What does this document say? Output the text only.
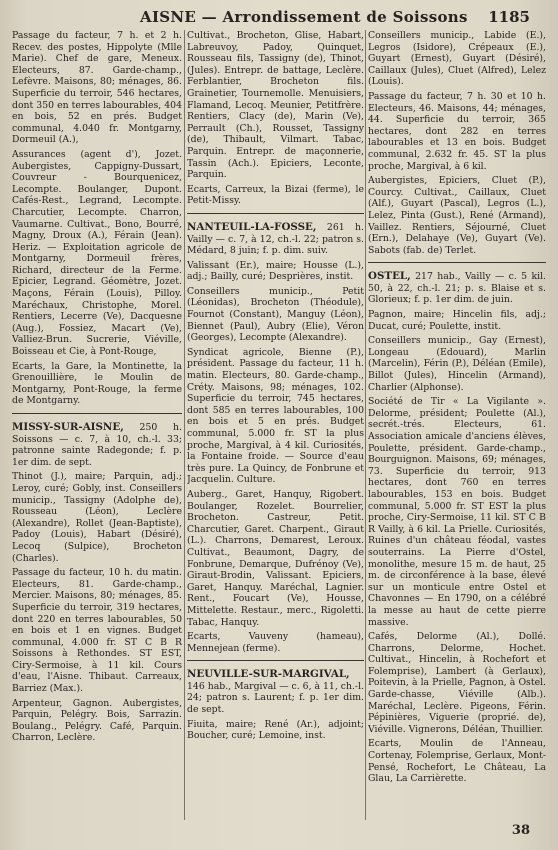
AISNE — Arrondissement de Soissons 1185

Passage du facteur, 7 h. et 2 h. Recev. des postes, Hippolyte (Mlle Marie). Chef de gare, Meneux. Electeurs, 87. Garde-champ., Lefèvre. Maisons, 80; ménages, 86. Superficie du terroir, 546 hectares, dont 350 en terres labourables, 404 en bois, 52 en prés. Budget communal, 4.040 fr. Montgarny, Dormeuil (A.),

Assurances (agent d'), Jozet. Aubergistes, Cappigny-Dussart, Couvreur - Bourquenicez, Lecompte. Boulanger, Dupont. Cafés-Rest., Legrand, Lecompte. Charcutier, Lecompte. Charron, Vaumarne. Cultivat., Bono, Bourré, Magny, Droux (A.), Férain (Jean). Heriz. — Exploitation agricole de Montgarny, Dormeuil frères, Richard, directeur de la Ferme. Epicier, Legrand. Géomètre, Jozet. Maçons, Férain (Louis), Pilloy. Maréchaux, Christophe, Morel. Rentiers, Lecerre (Ve), Dacquesne (Aug.), Fossiez, Macart (Ve), Valliez-Brun. Sucrerie, Viéville, Boisseau et Cie, à Pont-Rouge,

Ecarts, la Gare, la Montinette, la Grenouillière, le Moulin de Montgarny, Pont-Rouge, la ferme de Montgarny.

MISSY-SUR-AISNE, 250 h. Soissons — c. 7, à 10, ch.-l. 33; patronne sainte Radegonde; f. p. 1er dim. de sept.

Thinot (J.), maire; Parquin, adj.; Leroy, curé; Gobly, inst. Conseillers municip., Tassigny (Adolphe de), Rousseau (Léon), Leclère (Alexandre), Rollet (Jean-Baptiste), Padoy (Louis), Habart (Désiré), Lecoq (Sulpice), Brocheton (Charles).

Passage du facteur, 10 h. du matin. Electeurs, 81. Garde-champ., Mercier. Maisons, 80; ménages, 85. Superficie du terroir, 319 hectares, dont 220 en terres labourables, 50 en bois et 1 en vignes. Budget communal, 4.000 fr. ST C B R Soissons à Rethondes. ST EST, Ciry-Sermoise, à 11 kil. Cours d'eau, l'Aisne. Thibaut. Carreaux, Barriez (Max.).

Arpenteur, Gagnon. Aubergistes, Parquin, Pelégry. Bois, Sarrazin. Boulang., Pelégry. Café, Parquin. Charron, Leclère.

Cultivat., Brocheton, Glise, Habart, Labreuvoy, Padoy, Quinquet, Rousseau fils, Tassigny (de), Thinot, (Jules). Entrepr. de battage, Leclère. Ferblantier, Brocheton fils. Grainetier, Tournemolle. Menuisiers, Flamand, Lecoq. Meunier, Petitfrère. Rentiers, Clacy (de), Marin (Ve), Perrault (Ch.), Rousset, Tassigny (de), Thibault, Vilmart. Tabac, Parquin. Entrepr. de maçonnerie, Tassin (Ach.). Epiciers, Leconte, Parquin.

Ecarts, Carreux, la Bizai (ferme), le Petit-Missy.

NANTEUIL-LA-FOSSE, 261 h. Vailly — c. 7, à 12, ch.-l. 22; patron s. Médard, 8 juin; f. p. dim. suiv.

Valissant (Er.), maire; Housse (L.), adj.; Bailly, curé; Desprières, instit.

Conseillers municip., Petit (Léonidas), Brocheton (Théodule), Fournot (Constant), Manguy (Léon), Biennet (Paul), Aubry (Elie), Véron (Georges), Lecompte (Alexandre).

Syndicat agricole, Bienne (P.), président. Passage du facteur, 11 h. matin. Electeurs, 80. Garde-champ., Créty. Maisons, 98; ménages, 102. Superficie du terroir, 745 hectares, dont 585 en terres labourables, 100 en bois et 5 en prés. Budget communal, 5.000 fr. ST la plus proche, Margival, à 4 kil. Curiosités, la Fontaine froide. — Source d'eau très pure. La Quincy, de Fonbrune et Jacquelin. Culture.

Auberg., Garet, Hanquy, Rigobert. Boulanger, Rozelet. Bourrelier, Brocheton. Castreur, Petit. Charcutier, Garet. Charpent., Giraut (L.). Charrons, Demarest, Leroux. Cultivat., Beaumont, Dagry, de Fonbrune, Demarque, Dufrénoy (Ve), Giraut-Brodin, Valissant. Epiciers, Garet, Hanquy. Maréchal, Lagnier. Rent., Foucart (Ve), Housse, Mittelette. Restaur., merc., Rigoletti. Tabac, Hanquy.

Ecarts, Vauveny (hameau), Mennejean (ferme).

NEUVILLE-SUR-MARGIVAL, 146 hab., Margival — c. 6, à 11, ch.-l. 24; patron s. Laurent; f. p. 1er dim. de sept.

Fiuita, maire; René (Ar.), adjoint; Boucher, curé; Lemoine, inst.

Conseillers municip., Labide (E.), Legros (Isidore), Crépeaux (E.), Guyart (Ernest), Guyart (Désiré), Caillaux (Jules), Cluet (Alfred), Lelez (Louis).

Passage du facteur, 7 h. 30 et 10 h. Electeurs, 46. Maisons, 44; ménages, 44. Superficie du terroir, 365 hectares, dont 282 en terres labourables et 13 en bois. Budget communal, 2.632 fr. 45. ST la plus proche, Margival, à 6 kil.

Aubergistes, Epiciers, Cluet (P.), Courcy. Cultivat., Caillaux, Cluet (Alf.), Guyart (Pascal), Legros (L.), Lelez, Pinta (Gust.), René (Armand), Vaillez. Rentiers, Séjourné, Cluet (Ern.), Delahaye (Ve), Guyart (Ve). Sabots (fab. de) Terlet.

OSTEL, 217 hab., Vailly — c. 5 kil. 50, à 22, ch.-l. 21; p. s. Blaise et s. Glorieux; f. p. 1er dim. de juin.

Pagnon, maire; Hincelin fils, adj.; Ducat, curé; Poulette, instit.

Conseillers municip., Gay (Ernest), Longeau (Edouard), Marlin (Marcelin), Férin (P.), Déléan (Emile), Billot (Jules), Hincelin (Armand), Charlier (Alphonse).

Société de Tir « La Vigilante ». Delorme, président; Poulette (Al.), secrét.-trés. Electeurs, 61. Association amicale d'anciens élèves, Poulette, président. Garde-champ., Bourguignon. Maisons, 69; ménages, 73. Superficie du terroir, 913 hectares, dont 760 en terres labourables, 153 en bois. Budget communal, 5.000 fr. ST EST la plus proche, Ciry-Sermoise, 11 kil. ST C B R Vailly, à 6 kil. La Prielle. Curiosités, Ruines d'un château féodal, vastes souterrains. La Pierre d'Ostel, monolithe, mesure 15 m. de haut, 25 m. de circonférence à la base, élevé sur un monticule entre Ostel et Chavonnes — En 1790, on a célébré la messe au haut de cette pierre massive.

Cafés, Delorme (Al.), Dollé. Charrons, Delorme, Hochet. Cultivat., Hincelin, à Rochefort et Folemprise), Lambert (à Gerlaux), Poitevin, à la Prielle, Pagnon, à Ostel. Garde-chasse, Viéville (Alb.). Maréchal, Leclère. Pigeons, Férin. Pépinières, Viguerie (proprié. de), Viéville. Vignerons, Déléan, Thuillier.

Ecarts, Moulin de l'Anneau, Cortenay, Folemprise, Gerlaux, Mont-Pensé, Rochefort, Le Château, La Glau, La Carrièrette.

38
